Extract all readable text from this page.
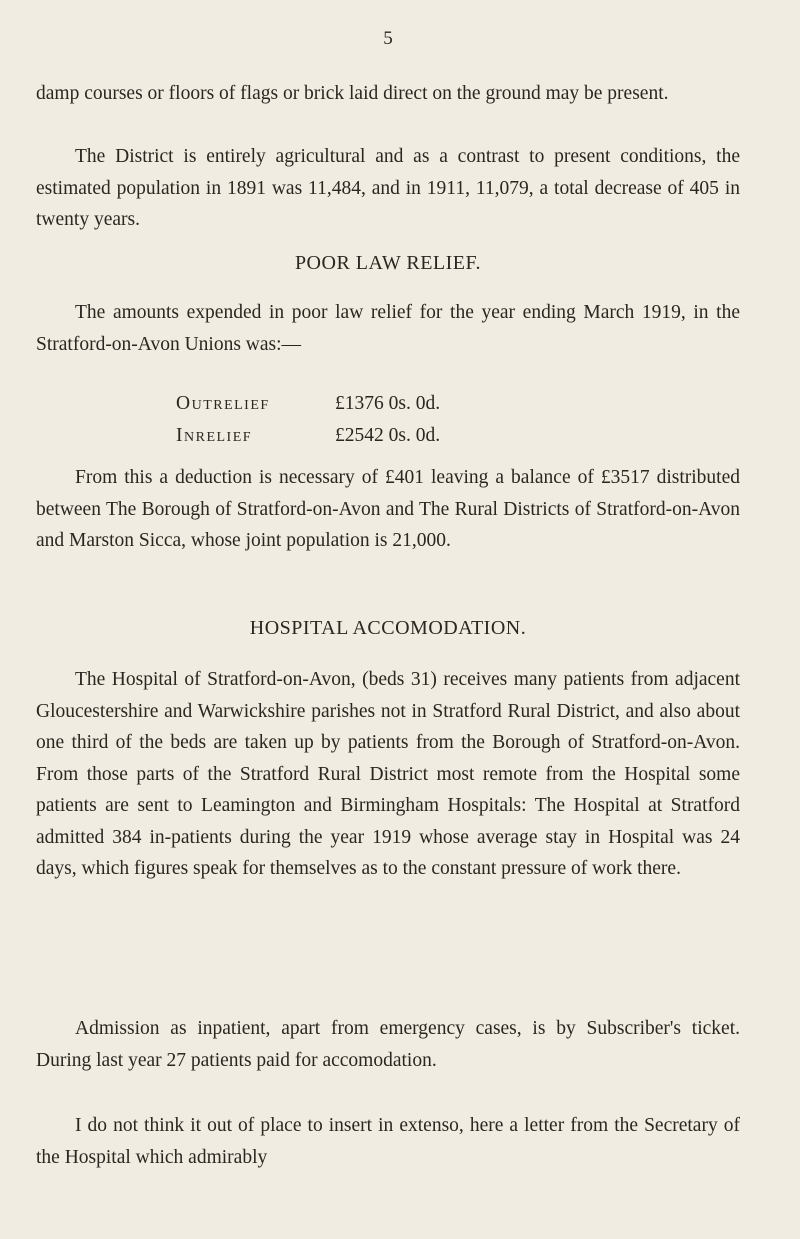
5

damp courses or floors of flags or brick laid direct on the ground may be present.

The District is entirely agricultural and as a contrast to present conditions, the estimated population in 1891 was 11,484, and in 1911, 11,079, a total decrease of 405 in twenty years.

POOR LAW RELIEF.

The amounts expended in poor law relief for the year ending March 1919, in the Stratford-on-Avon Unions was:—

Outrelief	£1376 0s. 0d.
Inrelief	£2542 0s. 0d.

From this a deduction is necessary of £401 leaving a balance of £3517 distributed between The Borough of Stratford-on-Avon and The Rural Districts of Stratford-on-Avon and Marston Sicca, whose joint population is 21,000.

HOSPITAL ACCOMODATION.

The Hospital of Stratford-on-Avon, (beds 31) receives many patients from adjacent Gloucestershire and Warwickshire parishes not in Stratford Rural District, and also about one third of the beds are taken up by patients from the Borough of Stratford-on-Avon. From those parts of the Stratford Rural District most remote from the Hospital some patients are sent to Leamington and Birmingham Hospitals: The Hospital at Stratford admitted 384 in-patients during the year 1919 whose average stay in Hospital was 24 days, which figures speak for themselves as to the constant pressure of work there.

Admission as inpatient, apart from emergency cases, is by Subscriber's ticket. During last year 27 patients paid for accomodation.

I do not think it out of place to insert in extenso, here a letter from the Secretary of the Hospital which admirably
